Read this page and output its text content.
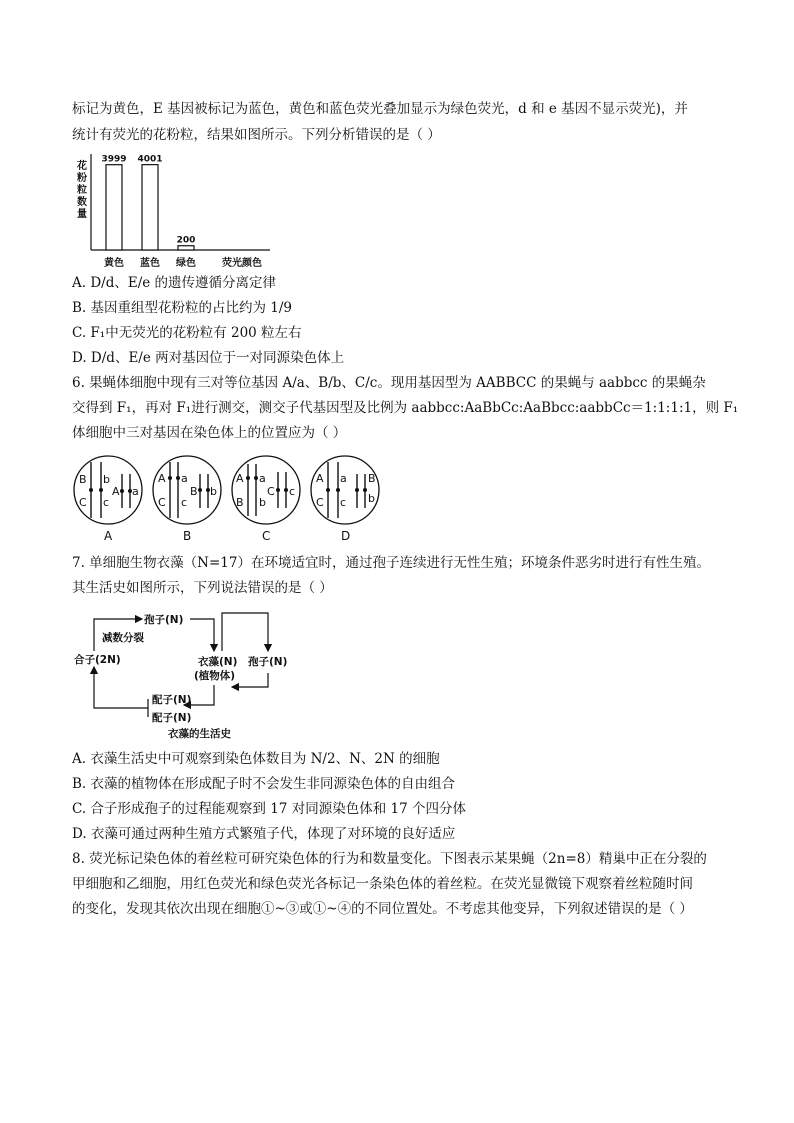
标记为黄色，E 基因被标记为蓝色，黄色和蓝色荧光叠加显示为绿色荧光，d 和 e 基因不显示荧光)，并
统计有荧光的花粉粒，结果如图所示。下列分析错误的是（ ）
花粉粒数量
3999
黄色
4001
蓝色
200
绿色	荧光颜色
A. D/d、E/e 的遗传遵循分离定律
B. 基因重组型花粉粒的占比约为 1/9
C. F₁中无荧光的花粉粒有 200 粒左右
D. D/d、E/e 两对基因位于一对同源染色体上
6. 果蝇体细胞中现有三对等位基因 A/a、B/b、C/c。现用基因型为 AABBCC 的果蝇与 aabbcc 的果蝇杂
交得到 F₁，再对 F₁进行测交，测交子代基因型及比例为 aabbcc:AaBbCc:AaBbcc:aabbCc＝1:1:1:1，则 F₁
体细胞中三对基因在染色体上的位置应为（ ）
B b
A a
C c
A
A a
B b
C c
B
A a
C c
B b
C
A a B
b
C c
D
7. 单细胞生物衣藻（N=17）在环境适宜时，通过孢子连续进行无性生殖；环境条件恶劣时进行有性生殖。
其生活史如图所示，下列说法错误的是（ ）
孢子(N)
减数分裂
合子(2N)	衣藻(N)
(植物体)
孢子(N)
配子(N)
配子(N)
衣藻的生活史
A. 衣藻生活史中可观察到染色体数目为 N/2、N、2N 的细胞
B. 衣藻的植物体在形成配子时不会发生非同源染色体的自由组合
C. 合子形成孢子的过程能观察到 17 对同源染色体和 17 个四分体
D. 衣藻可通过两种生殖方式繁殖子代，体现了对环境的良好适应
8. 荧光标记染色体的着丝粒可研究染色体的行为和数量变化。下图表示某果蝇（2n=8）精巢中正在分裂的
甲细胞和乙细胞，用红色荧光和绿色荧光各标记一条染色体的着丝粒。在荧光显微镜下观察着丝粒随时间
的变化，发现其依次出现在细胞①~③或①~④的不同位置处。不考虑其他变异，下列叙述错误的是（ ）
